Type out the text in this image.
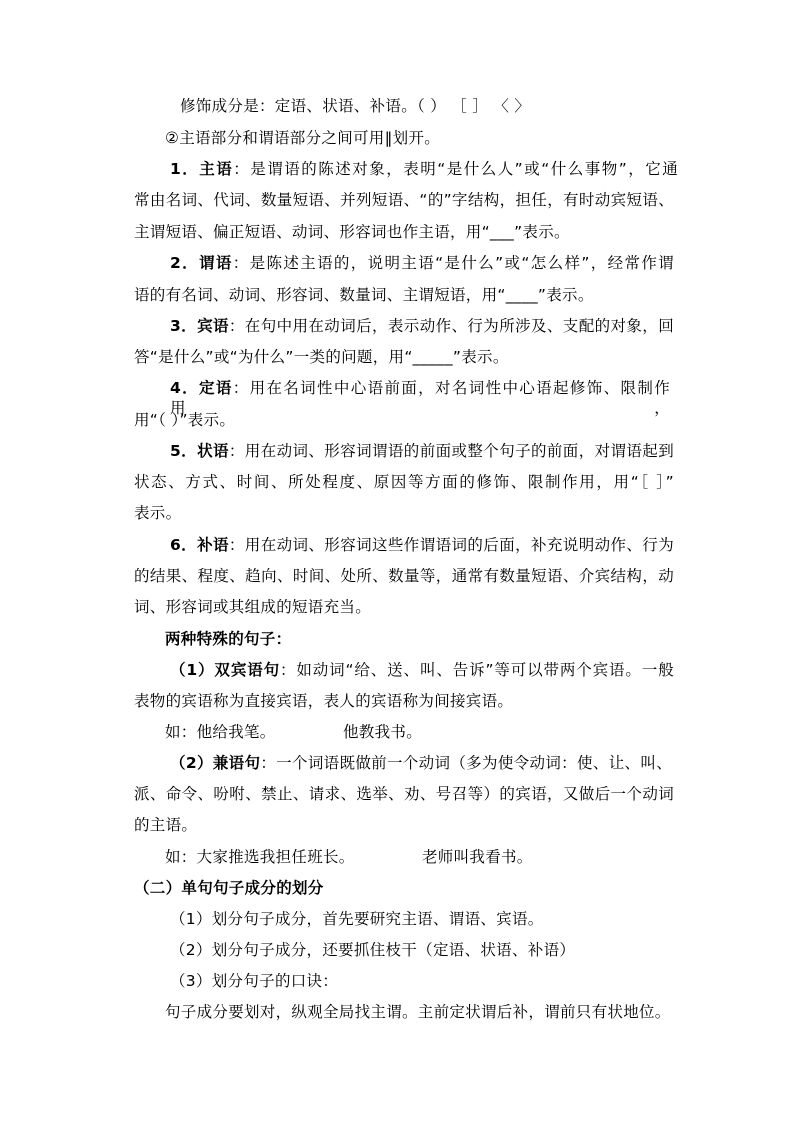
修饰成分是：定语、状语、补语。（ ） ［ ］ 〈 〉
②主语部分和谓语部分之间可用‖划开。
1．主语：是谓语的陈述对象，表明“是什么人”或“什么事物”，它通
常由名词、代词、数量短语、并列短语、“的”字结构，担任，有时动宾短语、
主谓短语、偏正短语、动词、形容词也作主语，用“___”表示。
2．谓语：是陈述主语的，说明主语“是什么”或“怎么样”，经常作谓
语的有名词、动词、形容词、数量词、主谓短语，用“____”表示。
3．宾语：在句中用在动词后，表示动作、行为所涉及、支配的对象，回
答“是什么”或“为什么”一类的问题，用“_____”表示。
4．定语：用在名词性中心语前面，对名词性中心语起修饰、限制作用，
用“（ ）”表示。
5．状语：用在动词、形容词谓语的前面或整个句子的前面，对谓语起到
状态、方式、时间、所处程度、原因等方面的修饰、限制作用，用“［ ］”
表示。
6．补语：用在动词、形容词这些作谓语词的后面，补充说明动作、行为
的结果、程度、趋向、时间、处所、数量等，通常有数量短语、介宾结构，动
词、形容词或其组成的短语充当。
两种特殊的句子：
（1）双宾语句：如动词“给、送、叫、告诉”等可以带两个宾语。一般
表物的宾语称为直接宾语，表人的宾语称为间接宾语。
如：他给我笔。	他教我书。
（2）兼语句：一个词语既做前一个动词（多为使令动词：使、让、叫、
派、命令、吩咐、禁止、请求、选举、劝、号召等）的宾语，又做后一个动词
的主语。
如：大家推选我担任班长。	老师叫我看书。
（二）单句句子成分的划分
（1）划分句子成分，首先要研究主语、谓语、宾语。
（2）划分句子成分，还要抓住枝干（定语、状语、补语）
（3）划分句子的口诀：
句子成分要划对，纵观全局找主谓。主前定状谓后补，谓前只有状地位。
